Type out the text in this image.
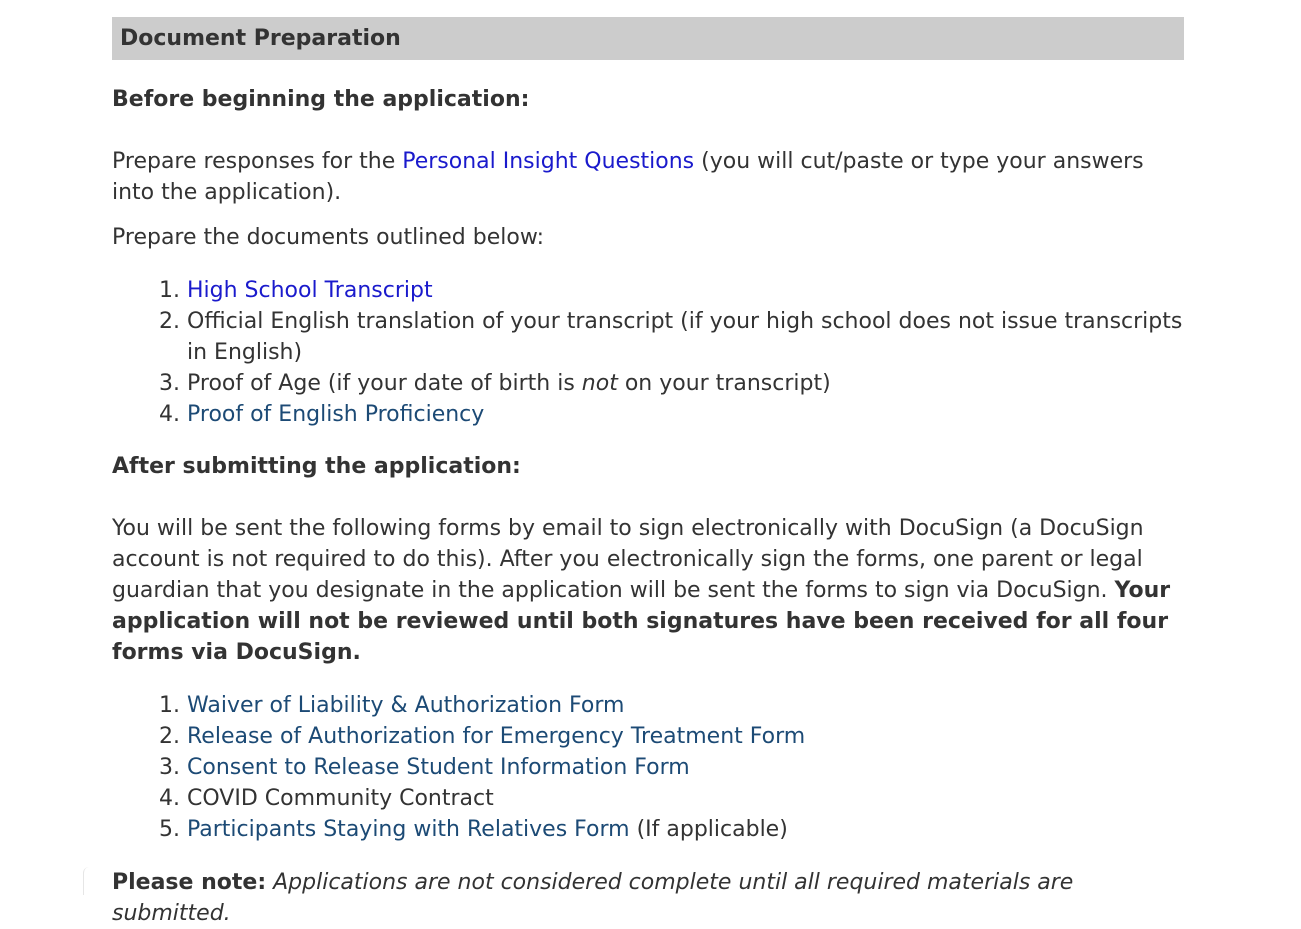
Document Preparation
Before beginning the application:

Prepare responses for the Personal Insight Questions (you will cut/paste or type your answers into the application).

Prepare the documents outlined below:

1. High School Transcript
2. Official English translation of your transcript (if your high school does not issue transcripts in English)
3. Proof of Age (if your date of birth is not on your transcript)
4. Proof of English Proficiency
After submitting the application:

You will be sent the following forms by email to sign electronically with DocuSign (a DocuSign account is not required to do this). After you electronically sign the forms, one parent or legal guardian that you designate in the application will be sent the forms to sign via DocuSign. Your application will not be reviewed until both signatures have been received for all four forms via DocuSign.

1. Waiver of Liability & Authorization Form
2. Release of Authorization for Emergency Treatment Form
3. Consent to Release Student Information Form
4. COVID Community Contract
5. Participants Staying with Relatives Form (If applicable)

Please note: Applications are not considered complete until all required materials are submitted.
